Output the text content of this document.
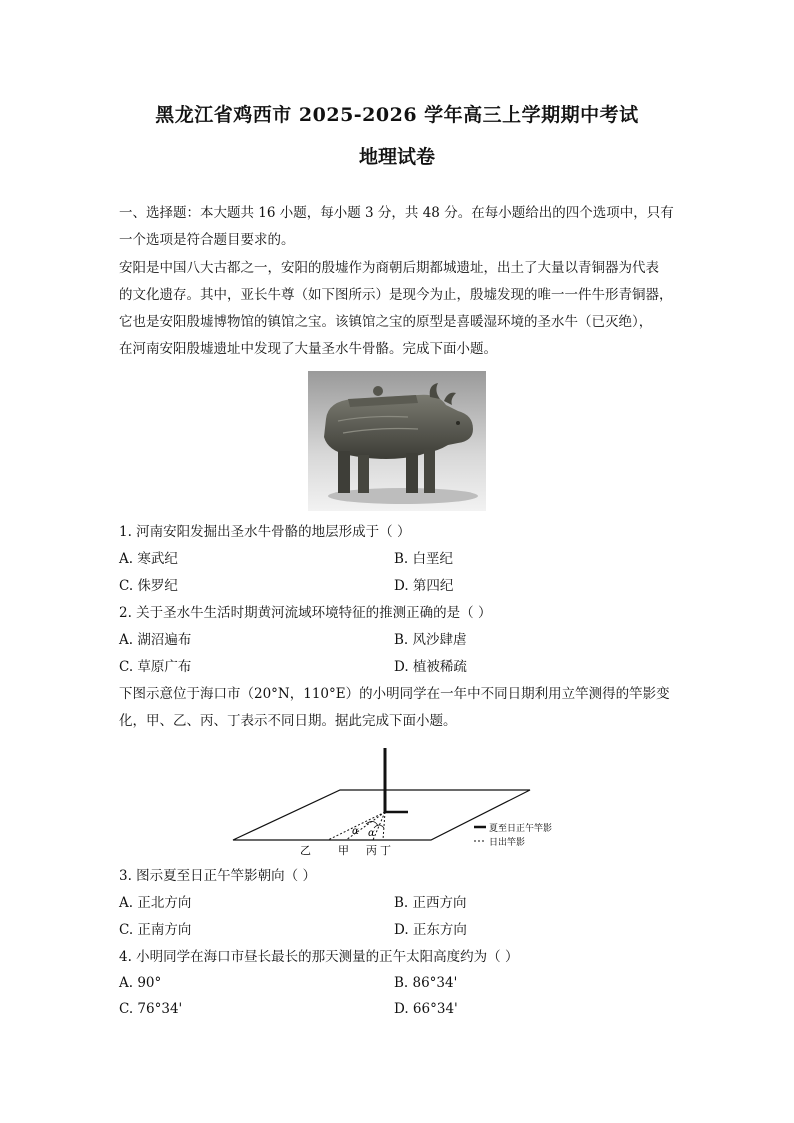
黑龙江省鸡西市 2025-2026 学年高三上学期期中考试
地理试卷
一、选择题：本大题共 16 小题，每小题 3 分，共 48 分。在每小题给出的四个选项中，只有
一个选项是符合题目要求的。
安阳是中国八大古都之一，安阳的殷墟作为商朝后期都城遗址，出土了大量以青铜器为代表
的文化遗存。其中，亚长牛尊（如下图所示）是现今为止，殷墟发现的唯一一件牛形青铜器，
它也是安阳殷墟博物馆的镇馆之宝。该镇馆之宝的原型是喜暖湿环境的圣水牛（已灭绝），
在河南安阳殷墟遗址中发现了大量圣水牛骨骼。完成下面小题。
1. 河南安阳发掘出圣水牛骨骼的地层形成于（ ）
A. 寒武纪	B. 白垩纪
C. 侏罗纪	D. 第四纪
2. 关于圣水牛生活时期黄河流域环境特征的推测正确的是（ ）
A. 湖沼遍布	B. 风沙肆虐
C. 草原广布	D. 植被稀疏
下图示意位于海口市（20°N，110°E）的小明同学在一年中不同日期利用立竿测得的竿影变
化，甲、乙、丙、丁表示不同日期。据此完成下面小题。
α α
乙 甲 丙 丁
夏至日正午竿影
日出竿影
3. 图示夏至日正午竿影朝向（ ）
A. 正北方向	B. 正西方向
C. 正南方向	D. 正东方向
4. 小明同学在海口市昼长最长的那天测量的正午太阳高度约为（ ）
A. 90°	B. 86°34'
C. 76°34'	D. 66°34'
